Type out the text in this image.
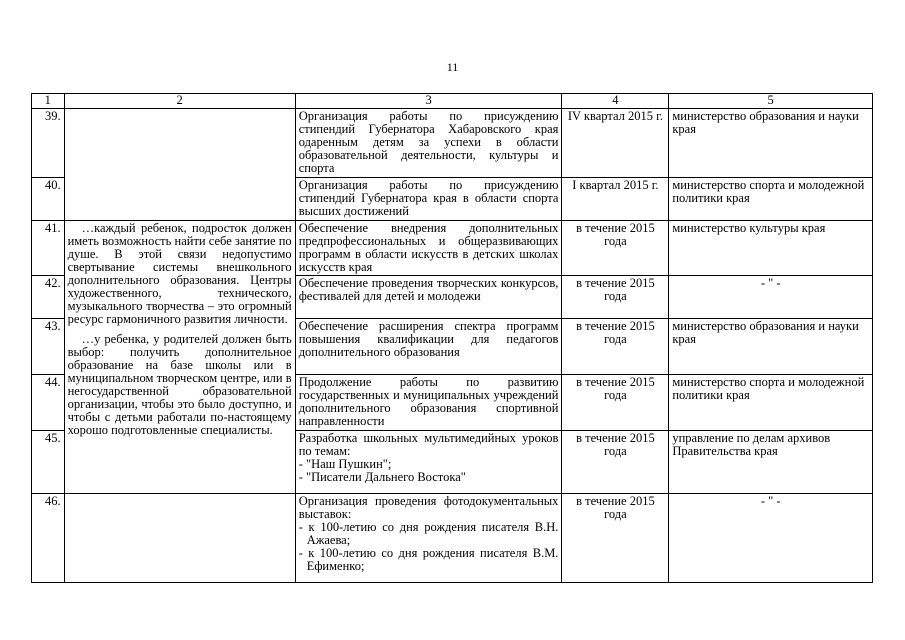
11
1	2	3	4	5
39.		Организация работы по присуждению стипендий Губернатора Хабаровского края одаренным детям за успехи в области образовательной деятельности, культуры и спорта	IV квартал 2015 г.	министерство образования и науки края
40.		Организация работы по присуждению стипендий Губернатора края в области спорта высших достижений	I квартал 2015 г.	министерство спорта и молодежной политики края
41.	…каждый ребенок, подросток должен иметь возможность найти себе занятие по душе. В этой связи недопустимо свертывание системы внешкольного дополнительного образования. Центры художественного, технического, музыкального творчества – это огромный ресурс гармоничного развития личности.

…у ребенка, у родителей должен быть выбор: получить дополнительное образование на базе школы или в муниципальном творческом центре, или в негосударственной образовательной организации, чтобы это было доступно, и чтобы с детьми работали по-настоящему хорошо подготовленные специалисты.	Обеспечение внедрения дополнительных предпрофессиональных и общеразвивающих программ в области искусств в детских школах искусств края	в течение 2015 года	министерство культуры края
42.		Обеспечение проведения творческих конкурсов, фестивалей для детей и молодежи	в течение 2015 года	- " -
43.		Обеспечение расширения спектра программ повышения квалификации для педагогов дополнительного образования	в течение 2015 года	министерство образования и науки края
44.		Продолжение работы по развитию государственных и муниципальных учреждений дополнительного образования спортивной направленности	в течение 2015 года	министерство спорта и молодежной политики края
45.		Разработка школьных мультимедийных уроков по темам:

- "Наш Пушкин";

- "Писатели Дальнего Востока"	в течение 2015 года	управление по делам архивов Правительства края
46.		Организация проведения фотодокументальных выставок:

- к 100-летию со дня рождения писателя В.Н. Ажаева;

- к 100-летию со дня рождения писателя В.М. Ефименко;	в течение 2015 года	- " -
